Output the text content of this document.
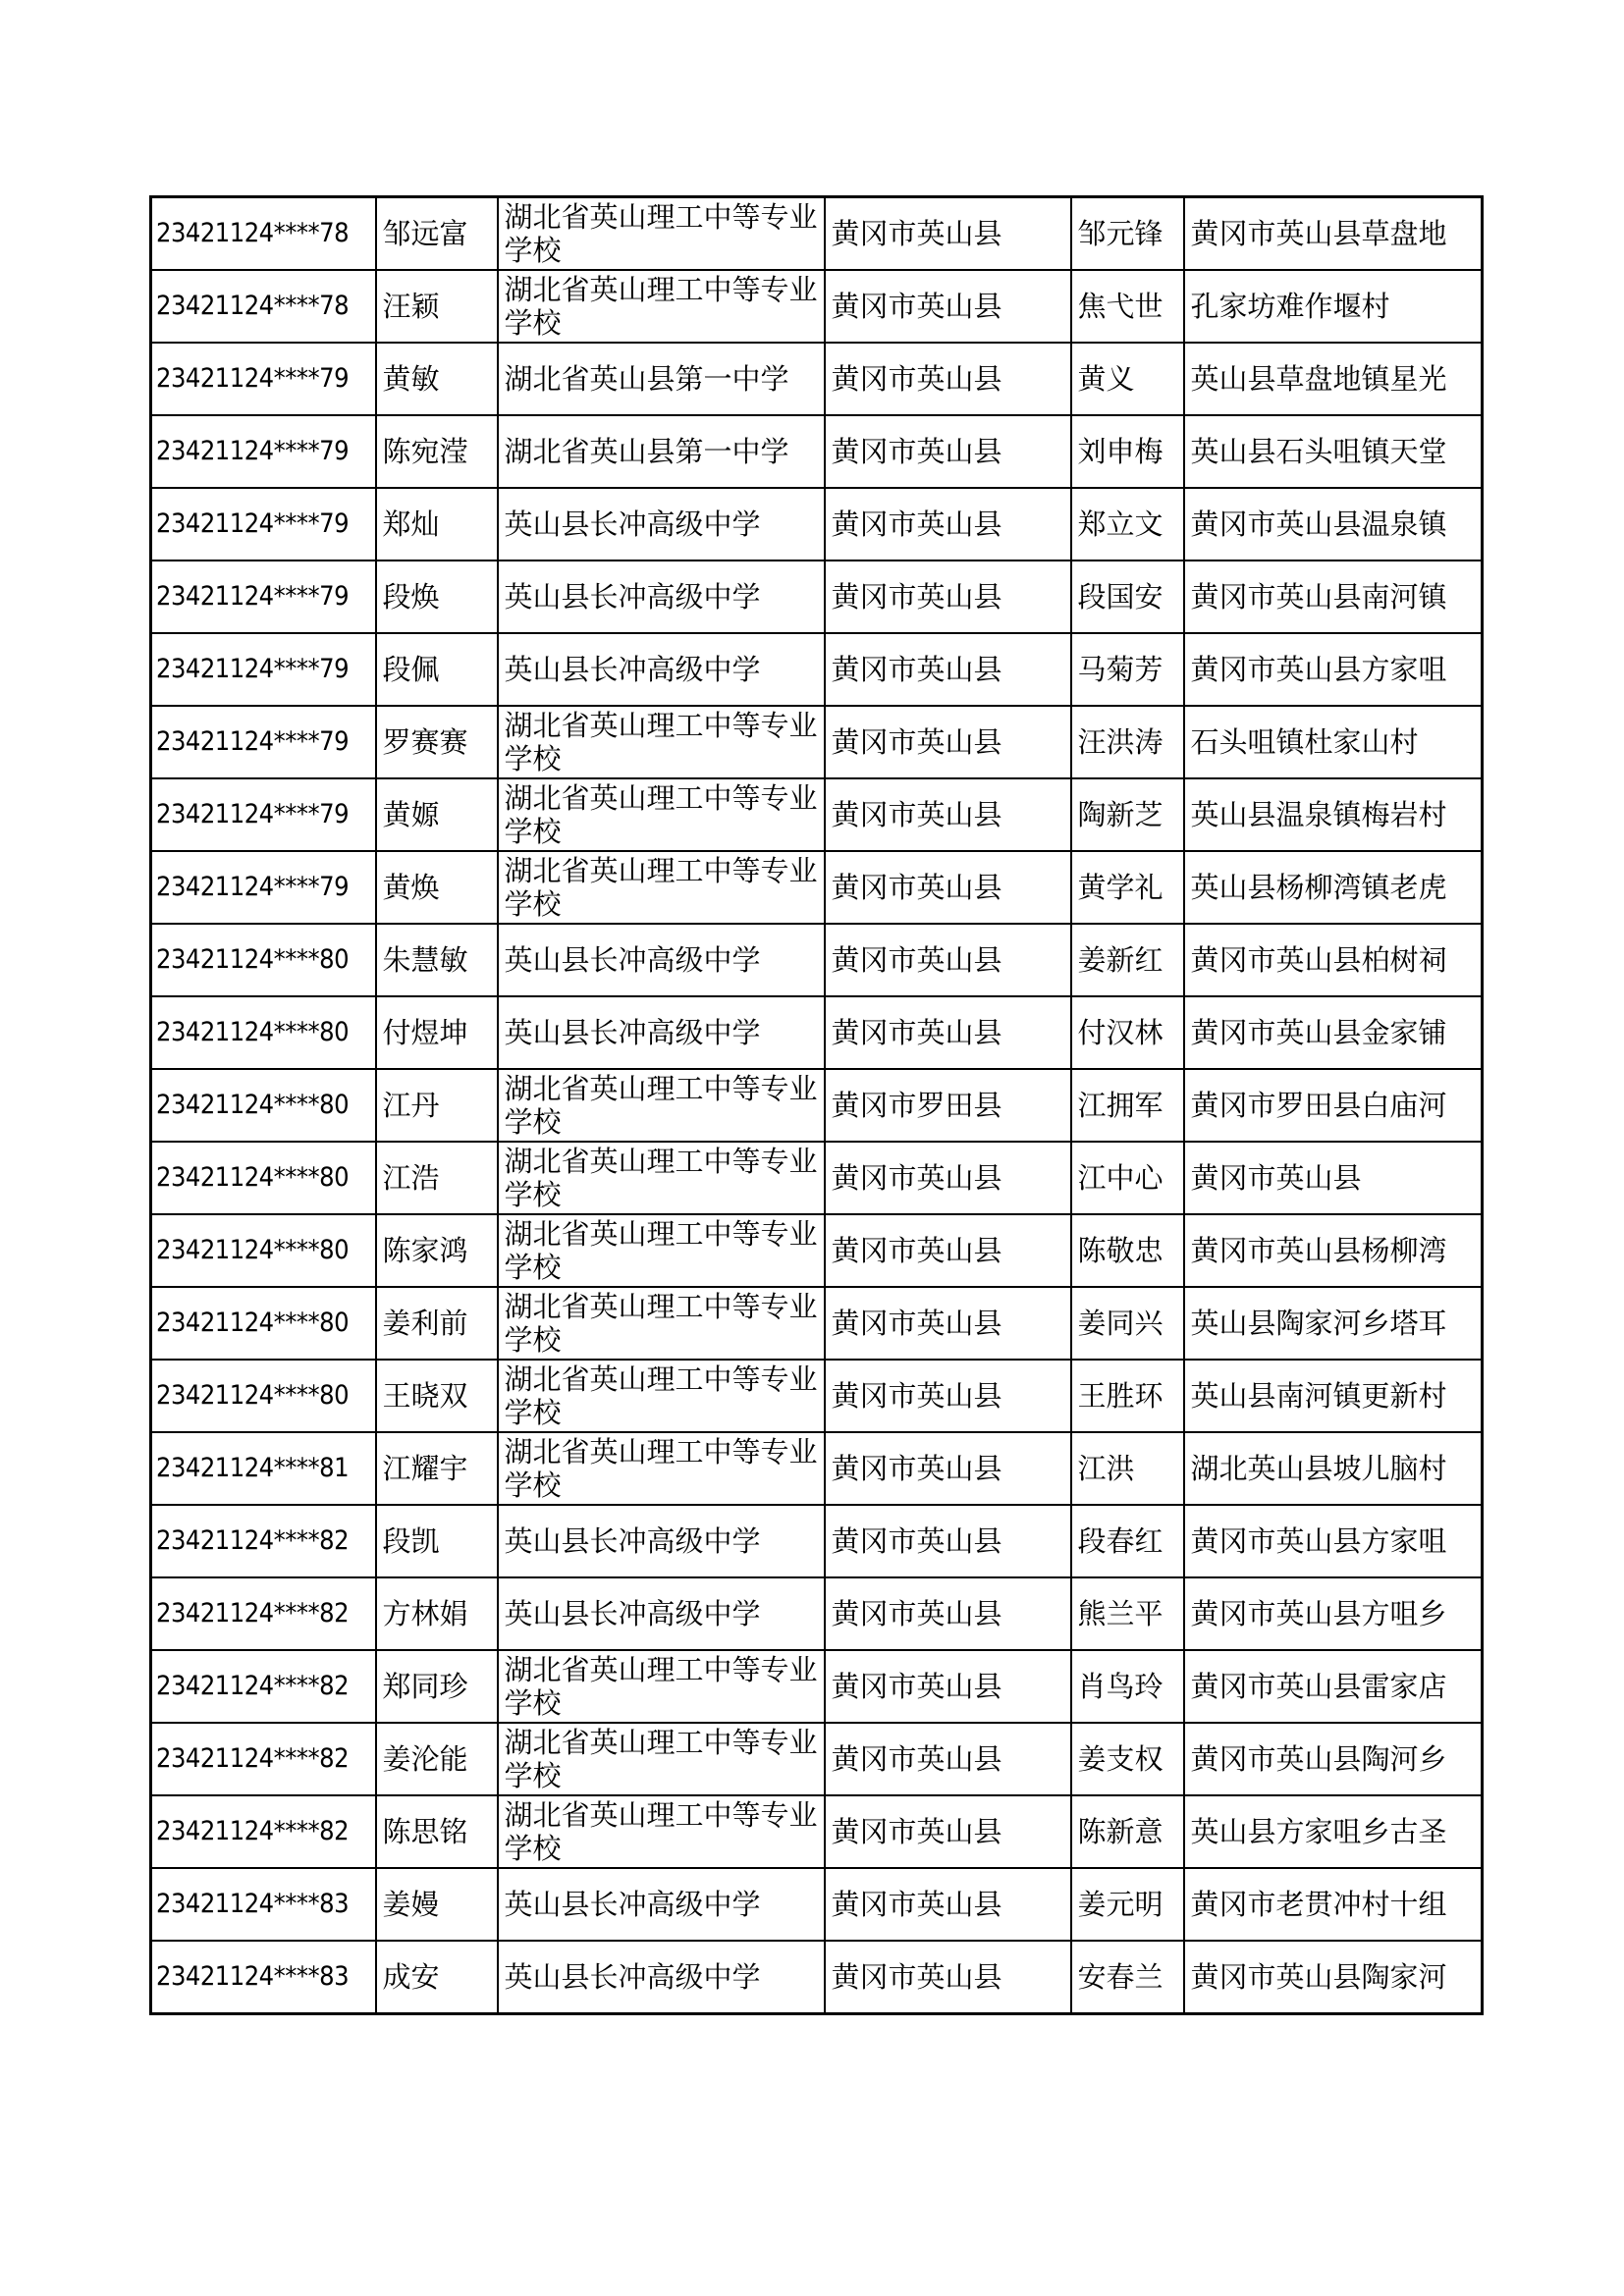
23421124****78	邹远富	湖北省英山理工中等专业学校	黄冈市英山县	邹元锋	黄冈市英山县草盘地
23421124****78	汪颖	湖北省英山理工中等专业学校	黄冈市英山县	焦弋世	孔家坊难作堰村
23421124****79	黄敏	湖北省英山县第一中学	黄冈市英山县	黄义	英山县草盘地镇星光
23421124****79	陈宛滢	湖北省英山县第一中学	黄冈市英山县	刘申梅	英山县石头咀镇天堂
23421124****79	郑灿	英山县长冲高级中学	黄冈市英山县	郑立文	黄冈市英山县温泉镇
23421124****79	段焕	英山县长冲高级中学	黄冈市英山县	段国安	黄冈市英山县南河镇
23421124****79	段佩	英山县长冲高级中学	黄冈市英山县	马菊芳	黄冈市英山县方家咀
23421124****79	罗赛赛	湖北省英山理工中等专业学校	黄冈市英山县	汪洪涛	石头咀镇杜家山村
23421124****79	黄嫄	湖北省英山理工中等专业学校	黄冈市英山县	陶新芝	英山县温泉镇梅岩村
23421124****79	黄焕	湖北省英山理工中等专业学校	黄冈市英山县	黄学礼	英山县杨柳湾镇老虎
23421124****80	朱慧敏	英山县长冲高级中学	黄冈市英山县	姜新红	黄冈市英山县柏树祠
23421124****80	付煜坤	英山县长冲高级中学	黄冈市英山县	付汉林	黄冈市英山县金家铺
23421124****80	江丹	湖北省英山理工中等专业学校	黄冈市罗田县	江拥军	黄冈市罗田县白庙河
23421124****80	江浩	湖北省英山理工中等专业学校	黄冈市英山县	江中心	黄冈市英山县
23421124****80	陈家鸿	湖北省英山理工中等专业学校	黄冈市英山县	陈敬忠	黄冈市英山县杨柳湾
23421124****80	姜利前	湖北省英山理工中等专业学校	黄冈市英山县	姜同兴	英山县陶家河乡塔耳
23421124****80	王晓双	湖北省英山理工中等专业学校	黄冈市英山县	王胜环	英山县南河镇更新村
23421124****81	江耀宇	湖北省英山理工中等专业学校	黄冈市英山县	江洪	湖北英山县坡儿脑村
23421124****82	段凯	英山县长冲高级中学	黄冈市英山县	段春红	黄冈市英山县方家咀
23421124****82	方林娟	英山县长冲高级中学	黄冈市英山县	熊兰平	黄冈市英山县方咀乡
23421124****82	郑同珍	湖北省英山理工中等专业学校	黄冈市英山县	肖鸟玲	黄冈市英山县雷家店
23421124****82	姜沦能	湖北省英山理工中等专业学校	黄冈市英山县	姜支权	黄冈市英山县陶河乡
23421124****82	陈思铭	湖北省英山理工中等专业学校	黄冈市英山县	陈新意	英山县方家咀乡古圣
23421124****83	姜嫚	英山县长冲高级中学	黄冈市英山县	姜元明	黄冈市老贯冲村十组
23421124****83	成安	英山县长冲高级中学	黄冈市英山县	安春兰	黄冈市英山县陶家河
